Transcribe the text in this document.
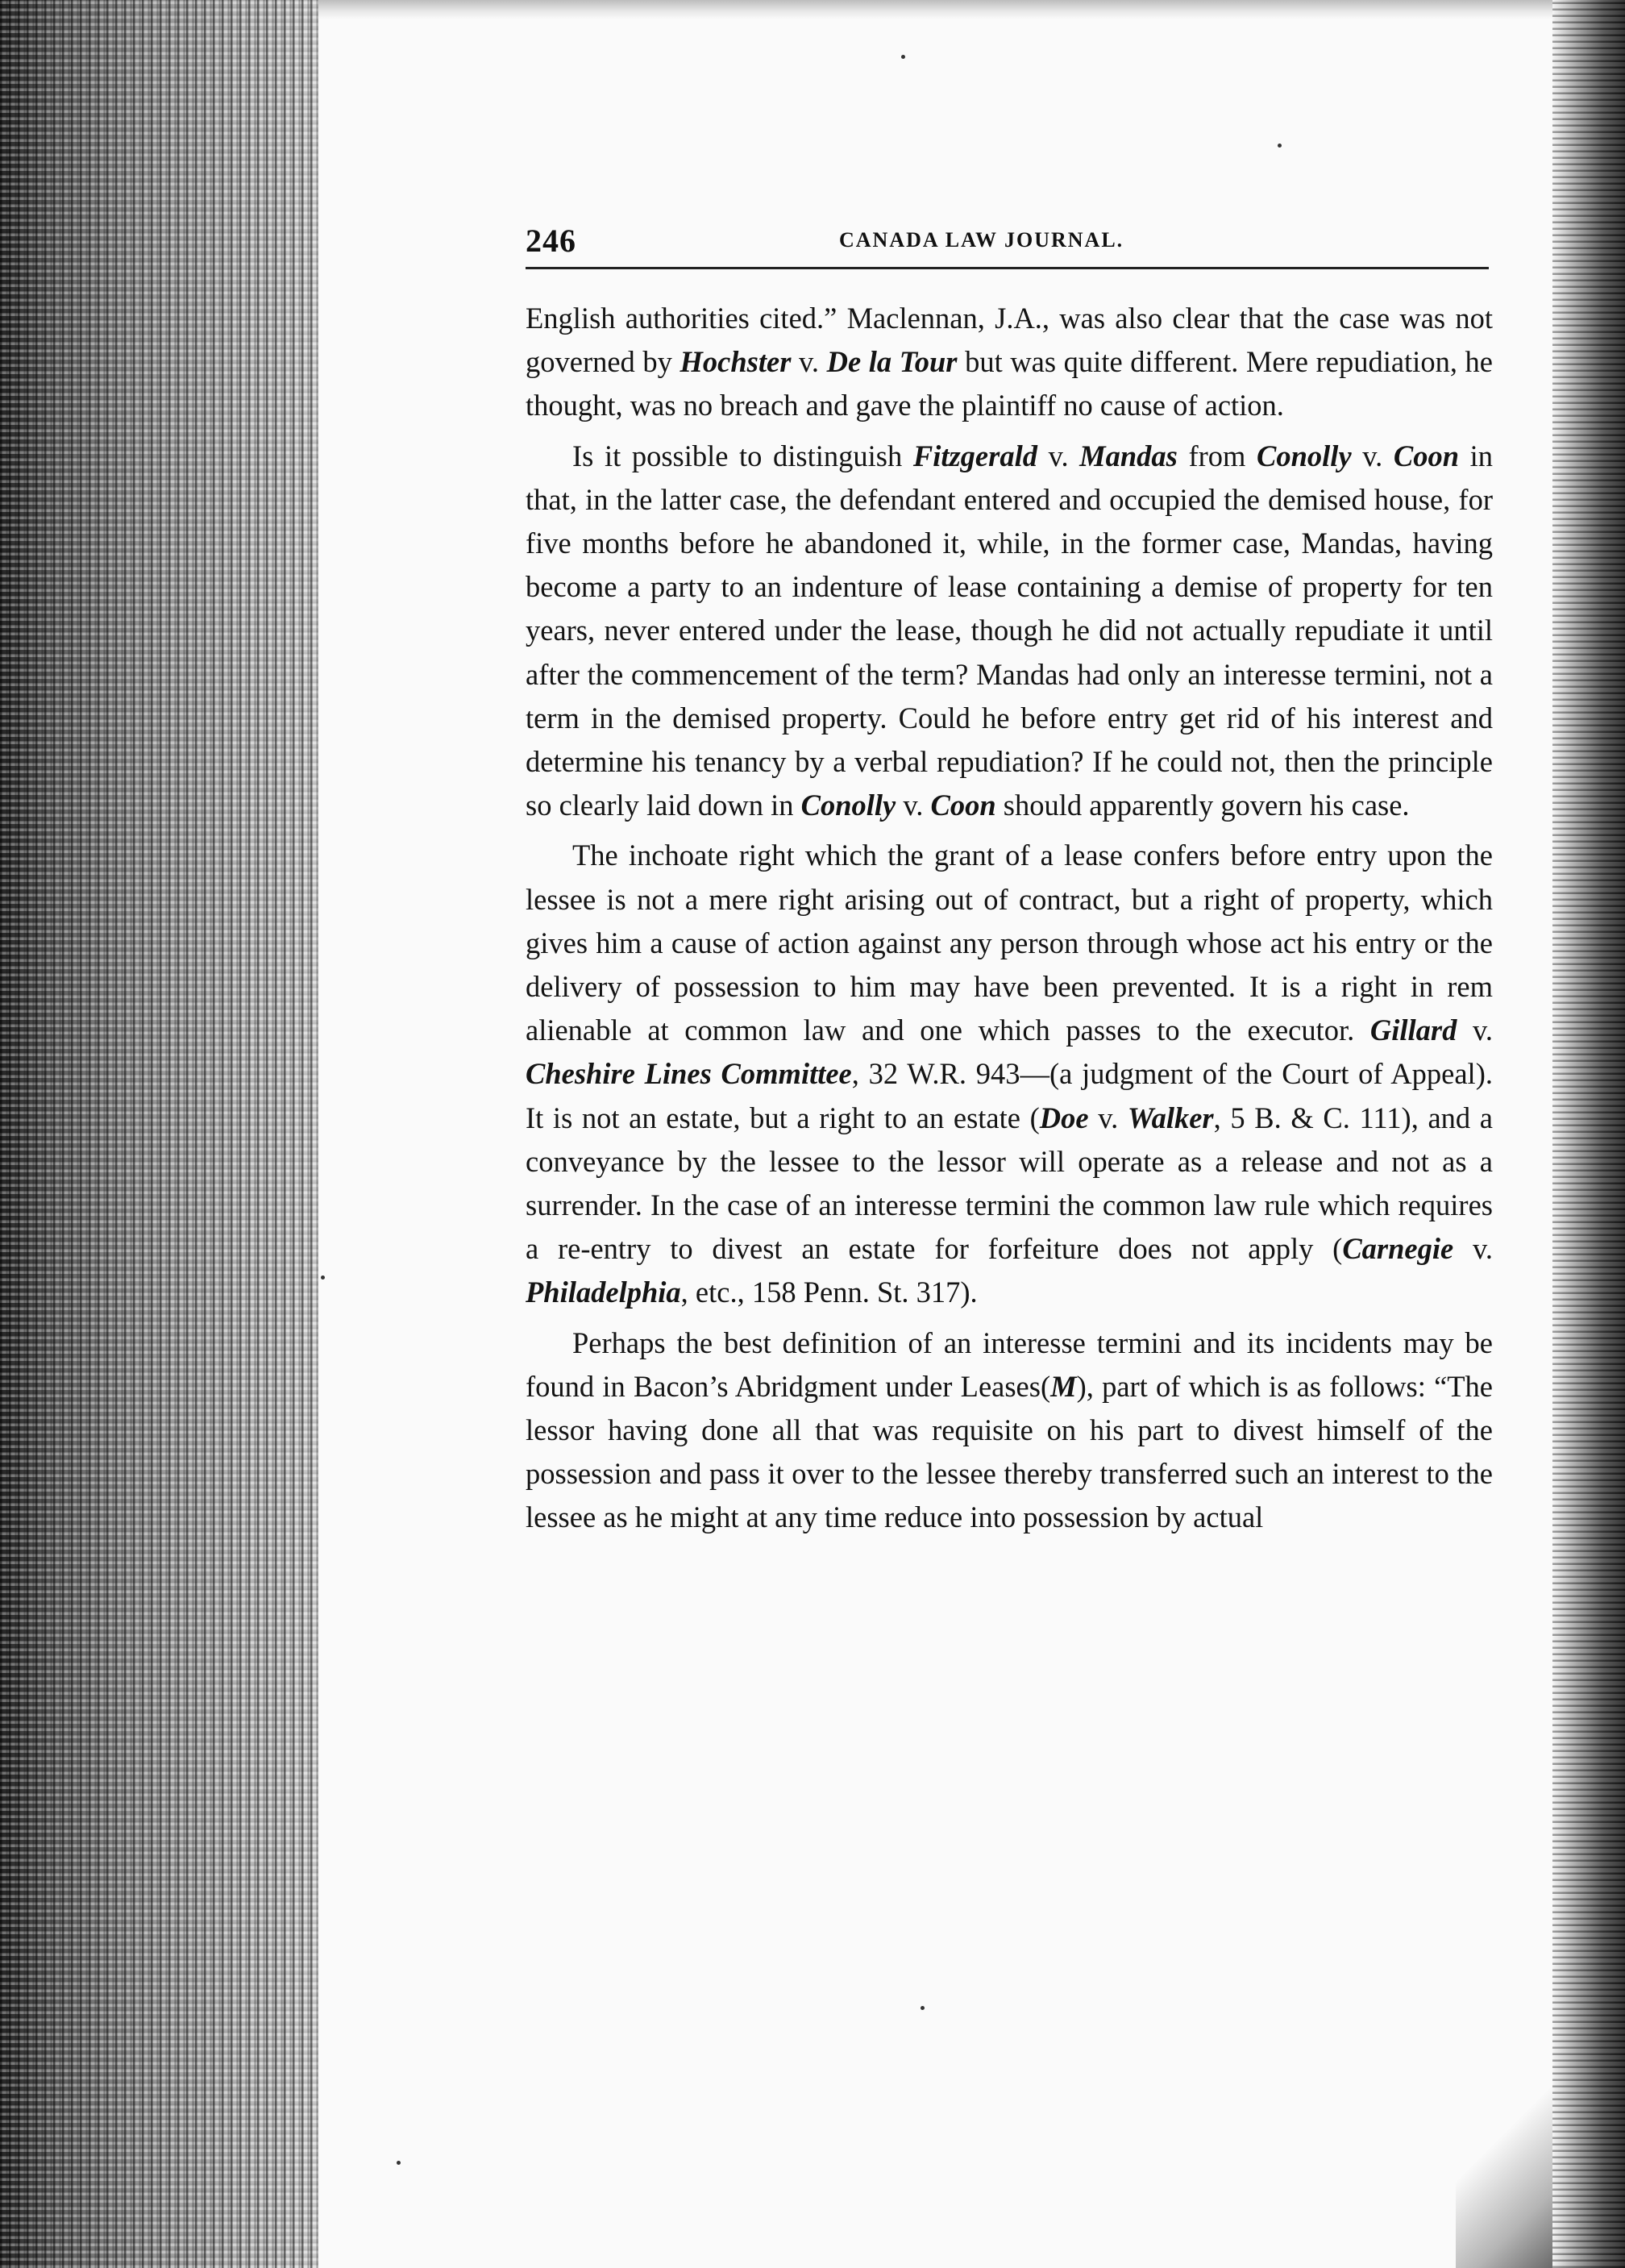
246	CANADA LAW JOURNAL.

English authorities cited.” Maclennan, J.A., was also clear that the case was not governed by Hochster v. De la Tour but was quite different. Mere repudiation, he thought, was no breach and gave the plaintiff no cause of action.

Is it possible to distinguish Fitzgerald v. Mandas from Conolly v. Coon in that, in the latter case, the defendant entered and occupied the demised house, for five months before he abandoned it, while, in the former case, Mandas, having become a party to an indenture of lease containing a demise of property for ten years, never entered under the lease, though he did not actually repudiate it until after the commencement of the term? Mandas had only an interesse termini, not a term in the demised property. Could he before entry get rid of his interest and determine his tenancy by a verbal repudiation? If he could not, then the principle so clearly laid down in Conolly v. Coon should apparently govern his case.

The inchoate right which the grant of a lease confers before entry upon the lessee is not a mere right arising out of contract, but a right of property, which gives him a cause of action against any person through whose act his entry or the delivery of possession to him may have been prevented. It is a right in rem alienable at common law and one which passes to the executor. Gillard v. Cheshire Lines Committee, 32 W.R. 943—(a judgment of the Court of Appeal). It is not an estate, but a right to an estate (Doe v. Walker, 5 B. & C. 111), and a conveyance by the lessee to the lessor will operate as a release and not as a surrender. In the case of an interesse termini the common law rule which requires a re-entry to divest an estate for forfeiture does not apply (Carnegie v. Philadelphia, etc., 158 Penn. St. 317).

Perhaps the best definition of an interesse termini and its incidents may be found in Bacon’s Abridgment under Leases(M), part of which is as follows: “The lessor having done all that was requisite on his part to divest himself of the possession and pass it over to the lessee thereby transferred such an interest to the lessee as he might at any time reduce into possession by actual
